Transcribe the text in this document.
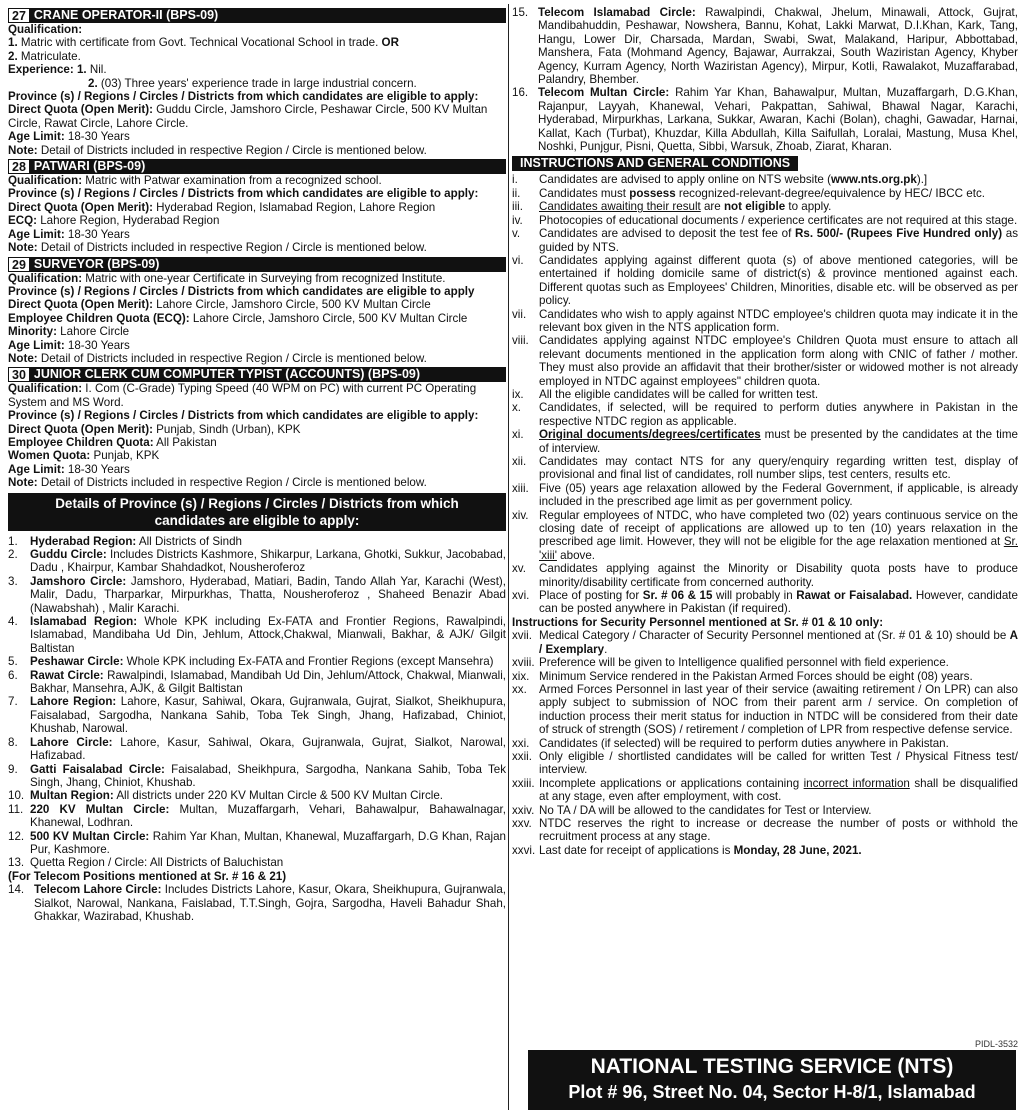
27 CRANE OPERATOR-II (BPS-09)
Qualification:
1. Matric with certificate from Govt. Technical Vocational School in trade. OR
2. Matriculate.
Experience: 1. Nil.
2. (03) Three years' experience trade in large industrial concern.
Province (s) / Regions / Circles / Districts from which candidates are eligible to apply:
Direct Quota (Open Merit): Guddu Circle, Jamshoro Circle, Peshawar Circle, 500 KV Multan Circle, Rawat Circle, Lahore Circle.
Age Limit: 18-30 Years
Note: Detail of Districts included in respective Region / Circle is mentioned below.
28 PATWARI (BPS-09)
Qualification: Matric with Patwar examination from a recognized school.
Province (s) / Regions / Circles / Districts from which candidates are eligible to apply:
Direct Quota (Open Merit): Hyderabad Region, Islamabad Region, Lahore Region
ECQ: Lahore Region, Hyderabad Region
Age Limit: 18-30 Years
Note: Detail of Districts included in respective Region / Circle is mentioned below.
29 SURVEYOR (BPS-09)
Qualification: Matric with one-year Certificate in Surveying from recognized Institute.
Province (s) / Regions / Circles / Districts from which candidates are eligible to apply
Direct Quota (Open Merit): Lahore Circle, Jamshoro Circle, 500 KV Multan Circle
Employee Children Quota (ECQ): Lahore Circle, Jamshoro Circle, 500 KV Multan Circle
Minority: Lahore Circle
Age Limit: 18-30 Years
Note: Detail of Districts included in respective Region / Circle is mentioned below.
30 JUNIOR CLERK CUM COMPUTER TYPIST (ACCOUNTS) (BPS-09)
Qualification: I. Com (C-Grade) Typing Speed (40 WPM on PC) with current PC Operating System and MS Word.
Province (s) / Regions / Circles / Districts from which candidates are eligible to apply:
Direct Quota (Open Merit): Punjab, Sindh (Urban), KPK
Employee Children Quota: All Pakistan
Women Quota: Punjab, KPK
Age Limit: 18-30 Years
Note: Detail of Districts included in respective Region / Circle is mentioned below.
Details of Province (s) / Regions / Circles / Districts from which
candidates are eligible to apply:
1.	Hyderabad Region: All Districts of Sindh
2.	Guddu Circle: Includes Districts Kashmore, Shikarpur, Larkana, Ghotki, Sukkur, Jacobabad, Dadu , Khairpur, Kambar Shahdadkot, Nousheroferoz
3.	Jamshoro Circle: Jamshoro, Hyderabad, Matiari, Badin, Tando Allah Yar, Karachi (West), Malir, Dadu, Tharparkar, Mirpurkhas, Thatta, Nousheroferoz , Shaheed Benazir Abad (Nawabshah) , Malir Karachi.
4.	Islamabad Region: Whole KPK including Ex-FATA and Frontier Regions, Rawalpindi, Islamabad, Mandibaha Ud Din, Jehlum, Attock,Chakwal, Mianwali, Bakhar, & AJK/ Gilgit Baltistan
5.	Peshawar Circle: Whole KPK including Ex-FATA and Frontier Regions (except Mansehra)
6.	Rawat Circle: Rawalpindi, Islamabad, Mandibah Ud Din, Jehlum/Attock, Chakwal, Mianwali, Bakhar, Mansehra, AJK, & Gilgit Baltistan
7.	Lahore Region: Lahore, Kasur, Sahiwal, Okara, Gujranwala, Gujrat, Sialkot, Sheikhupura, Faisalabad, Sargodha, Nankana Sahib, Toba Tek Singh, Jhang, Hafizabad, Chiniot, Khushab, Narowal.
8.	Lahore Circle: Lahore, Kasur, Sahiwal, Okara, Gujranwala, Gujrat, Sialkot, Narowal, Hafizabad.
9.	Gatti Faisalabad Circle: Faisalabad, Sheikhpura, Sargodha, Nankana Sahib, Toba Tek Singh, Jhang, Chiniot, Khushab.
10. Multan Region: All districts under 220 KV Multan Circle & 500 KV Multan Circle.
11. 220 KV Multan Circle: Multan, Muzaffargarh, Vehari, Bahawalpur, Bahawalnagar, Khanewal, Lodhran.
12. 500 KV Multan Circle: Rahim Yar Khan, Multan, Khanewal, Muzaffargarh, D.G Khan, Rajan Pur, Kashmore.
13. Quetta Region / Circle: All Districts of Baluchistan
(For Telecom Positions mentioned at Sr. # 16 & 21)
14. Telecom Lahore Circle: Includes Districts Lahore, Kasur, Okara, Sheikhupura, Gujranwala, Sialkot, Narowal, Nankana, Faislabad, T.T.Singh, Gojra, Sargodha, Haveli Bahadur Shah, Ghakkar, Wazirabad, Khushab.
15. Telecom Islamabad Circle: Rawalpindi, Chakwal, Jhelum, Minawali, Attock, Gujrat, Mandibahuddin, Peshawar, Nowshera, Bannu, Kohat, Lakki Marwat, D.I.Khan, Kark, Tang, Hangu, Lower Dir, Charsada, Mardan, Swabi, Swat, Malakand, Haripur, Abbottabad, Manshera, Fata (Mohmand Agency, Bajawar, Aurrakzai, South Waziristan Agency, Khyber Agency, Kurram Agency, North Waziristan Agency), Mirpur, Kotli, Rawalakot, Muzaffarabad, Palandry, Bhember.
16. Telecom Multan Circle: Rahim Yar Khan, Bahawalpur, Multan, Muzaffargarh, D.G.Khan, Rajanpur, Layyah, Khanewal, Vehari, Pakpattan, Sahiwal, Bhawal Nagar, Karachi, Hyderabad, Mirpurkhas, Larkana, Sukkar, Awaran, Kachi (Bolan), chaghi, Gawadar, Harnai, Kallat, Kach (Turbat), Khuzdar, Killa Abdullah, Killa Saifullah, Loralai, Mastung, Musa Khel, Noshki, Punjgur, Pisni, Quetta, Sibbi, Warsuk, Zhoab, Ziarat, Kharan.
INSTRUCTIONS AND GENERAL CONDITIONS
i.	Candidates are advised to apply online on NTS website (www.nts.org.pk).]
ii.	Candidates must possess recognized-relevant-degree/equivalence by HEC/ IBCC etc.
iii.	Candidates awaiting their result are not eligible to apply.
iv.	Photocopies of educational documents / experience certificates are not required at this stage.
v.	Candidates are advised to deposit the test fee of Rs. 500/- (Rupees Five Hundred only) as guided by NTS.
vi.	Candidates applying against different quota (s) of above mentioned categories, will be entertained if holding domicile same of district(s) & province mentioned against each. Different quotas such as Employees' Children, Minorities, disable etc. will be observed as per policy.
vii.	Candidates who wish to apply against NTDC employee's children quota may indicate it in the relevant box given in the NTS application form.
viii. Candidates applying against NTDC employee's Children Quota must ensure to attach all relevant documents mentioned in the application form along with CNIC of father / mother. They must also provide an affidavit that their brother/sister or widowed mother is not already employed in NTDC against employees" children quota.
ix.	All the eligible candidates will be called for written test.
x.	Candidates, if selected, will be required to perform duties anywhere in Pakistan in the respective NTDC region as applicable.
xi.	Original documents/degrees/certificates must be presented by the candidates at the time of interview.
xii.	Candidates may contact NTS for any query/enquiry regarding written test, display of provisional and final list of candidates, roll number slips, test centers, results etc.
xiii. Five (05) years age relaxation allowed by the Federal Government, if applicable, is already included in the prescribed age limit as per government policy.
xiv. Regular employees of NTDC, who have completed two (02) years continuous service on the closing date of receipt of applications are allowed up to ten (10) years relaxation in the prescribed age limit. However, they will not be eligible for the age relaxation mentioned at Sr. 'xiii' above.
xv.	Candidates applying against the Minority or Disability quota posts have to produce minority/disability certificate from concerned authority.
xvi. Place of posting for Sr. # 06 & 15 will probably in Rawat or Faisalabad. However, candidate can be posted anywhere in Pakistan (if required).
Instructions for Security Personnel mentioned at Sr. # 01 & 10 only:
xvii. Medical Category / Character of Security Personnel mentioned at (Sr. # 01 & 10) should be A / Exemplary.
xviii. Preference will be given to Intelligence qualified personnel with field experience.
xix. Minimum Service rendered in the Pakistan Armed Forces should be eight (08) years.
xx.	Armed Forces Personnel in last year of their service (awaiting retirement / On LPR) can also apply subject to submission of NOC from their parent arm / service. On completion of induction process their merit status for induction in NTDC will be considered from their date of struck of strength (SOS) / retirement / completion of LPR from respective defense service.
xxi. Candidates (if selected) will be required to perform duties anywhere in Pakistan.
xxii. Only eligible / shortlisted candidates will be called for written Test / Physical Fitness test/ interview.
xxiii. Incomplete applications or applications containing incorrect information shall be disqualified at any stage, even after employment, with cost.
xxiv. No TA / DA will be allowed to the candidates for Test or Interview.
xxv. NTDC reserves the right to increase or decrease the number of posts or withhold the recruitment process at any stage.
xxvi. Last date for receipt of applications is Monday, 28 June, 2021.
PIDL-3532
NATIONAL TESTING SERVICE (NTS)
Plot # 96, Street No. 04, Sector H-8/1, Islamabad
